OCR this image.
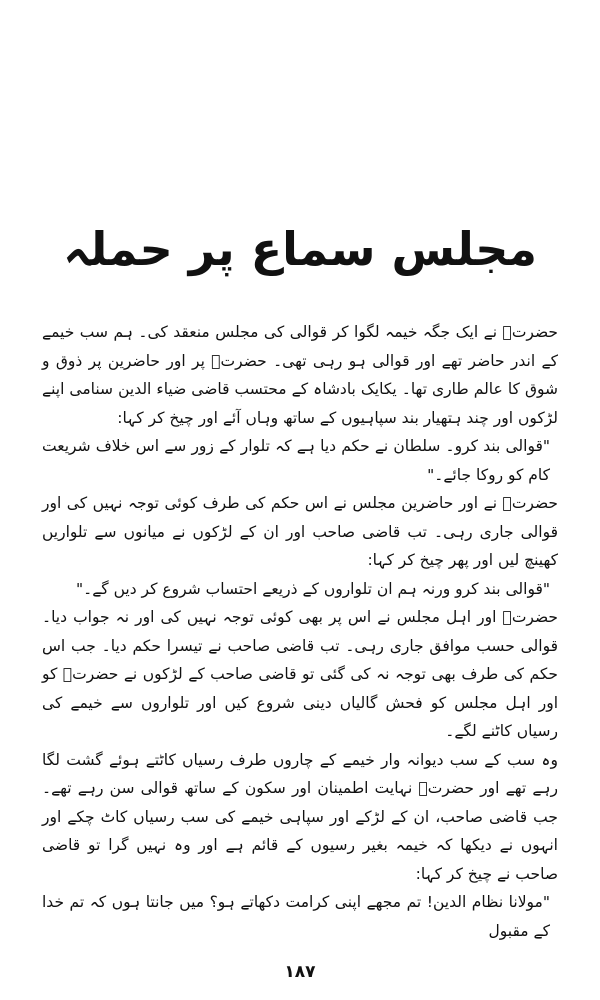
مجلس سماع پر حملہ

حضرتؒ نے ایک جگہ خیمہ لگوا کر قوالی کی مجلس منعقد کی۔ ہم سب خیمے کے اندر حاضر تھے اور قوالی ہو رہی تھی۔ حضرتؒ پر اور حاضرین پر ذوق و شوق کا عالم طاری تھا۔ یکایک بادشاہ کے محتسب قاضی ضیاء الدین سنامی اپنے لڑکوں اور چند ہتھیار بند سپاہیوں کے ساتھ وہاں آئے اور چیخ کر کہا:

"قوالی بند کرو۔ سلطان نے حکم دیا ہے کہ تلوار کے زور سے اس خلاف شریعت کام کو روکا جائے۔"

حضرتؒ نے اور حاضرین مجلس نے اس حکم کی طرف کوئی توجہ نہیں کی اور قوالی جاری رہی۔ تب قاضی صاحب اور ان کے لڑکوں نے میانوں سے تلواریں کھینچ لیں اور پھر چیخ کر کہا:

"قوالی بند کرو ورنہ ہم ان تلواروں کے ذریعے احتساب شروع کر دیں گے۔"

حضرتؒ اور اہل مجلس نے اس پر بھی کوئی توجہ نہیں کی اور نہ جواب دیا۔ قوالی حسب موافق جاری رہی۔ تب قاضی صاحب نے تیسرا حکم دیا۔ جب اس حکم کی طرف بھی توجہ نہ کی گئی تو قاضی صاحب کے لڑکوں نے حضرتؒ کو اور اہل مجلس کو فحش گالیاں دینی شروع کیں اور تلواروں سے خیمے کی رسیاں کاٹنے لگے۔

وہ سب کے سب دیوانہ وار خیمے کے چاروں طرف رسیاں کاٹتے ہوئے گشت لگا رہے تھے اور حضرتؒ نہایت اطمینان اور سکون کے ساتھ قوالی سن رہے تھے۔ جب قاضی صاحب، ان کے لڑکے اور سپاہی خیمے کی سب رسیاں کاٹ چکے اور انہوں نے دیکھا کہ خیمہ بغیر رسیوں کے قائم ہے اور وہ نہیں گرا تو قاضی صاحب نے چیخ کر کہا:

"مولانا نظام الدین! تم مجھے اپنی کرامت دکھاتے ہو؟ میں جانتا ہوں کہ تم خدا کے مقبول

۱۸۷
